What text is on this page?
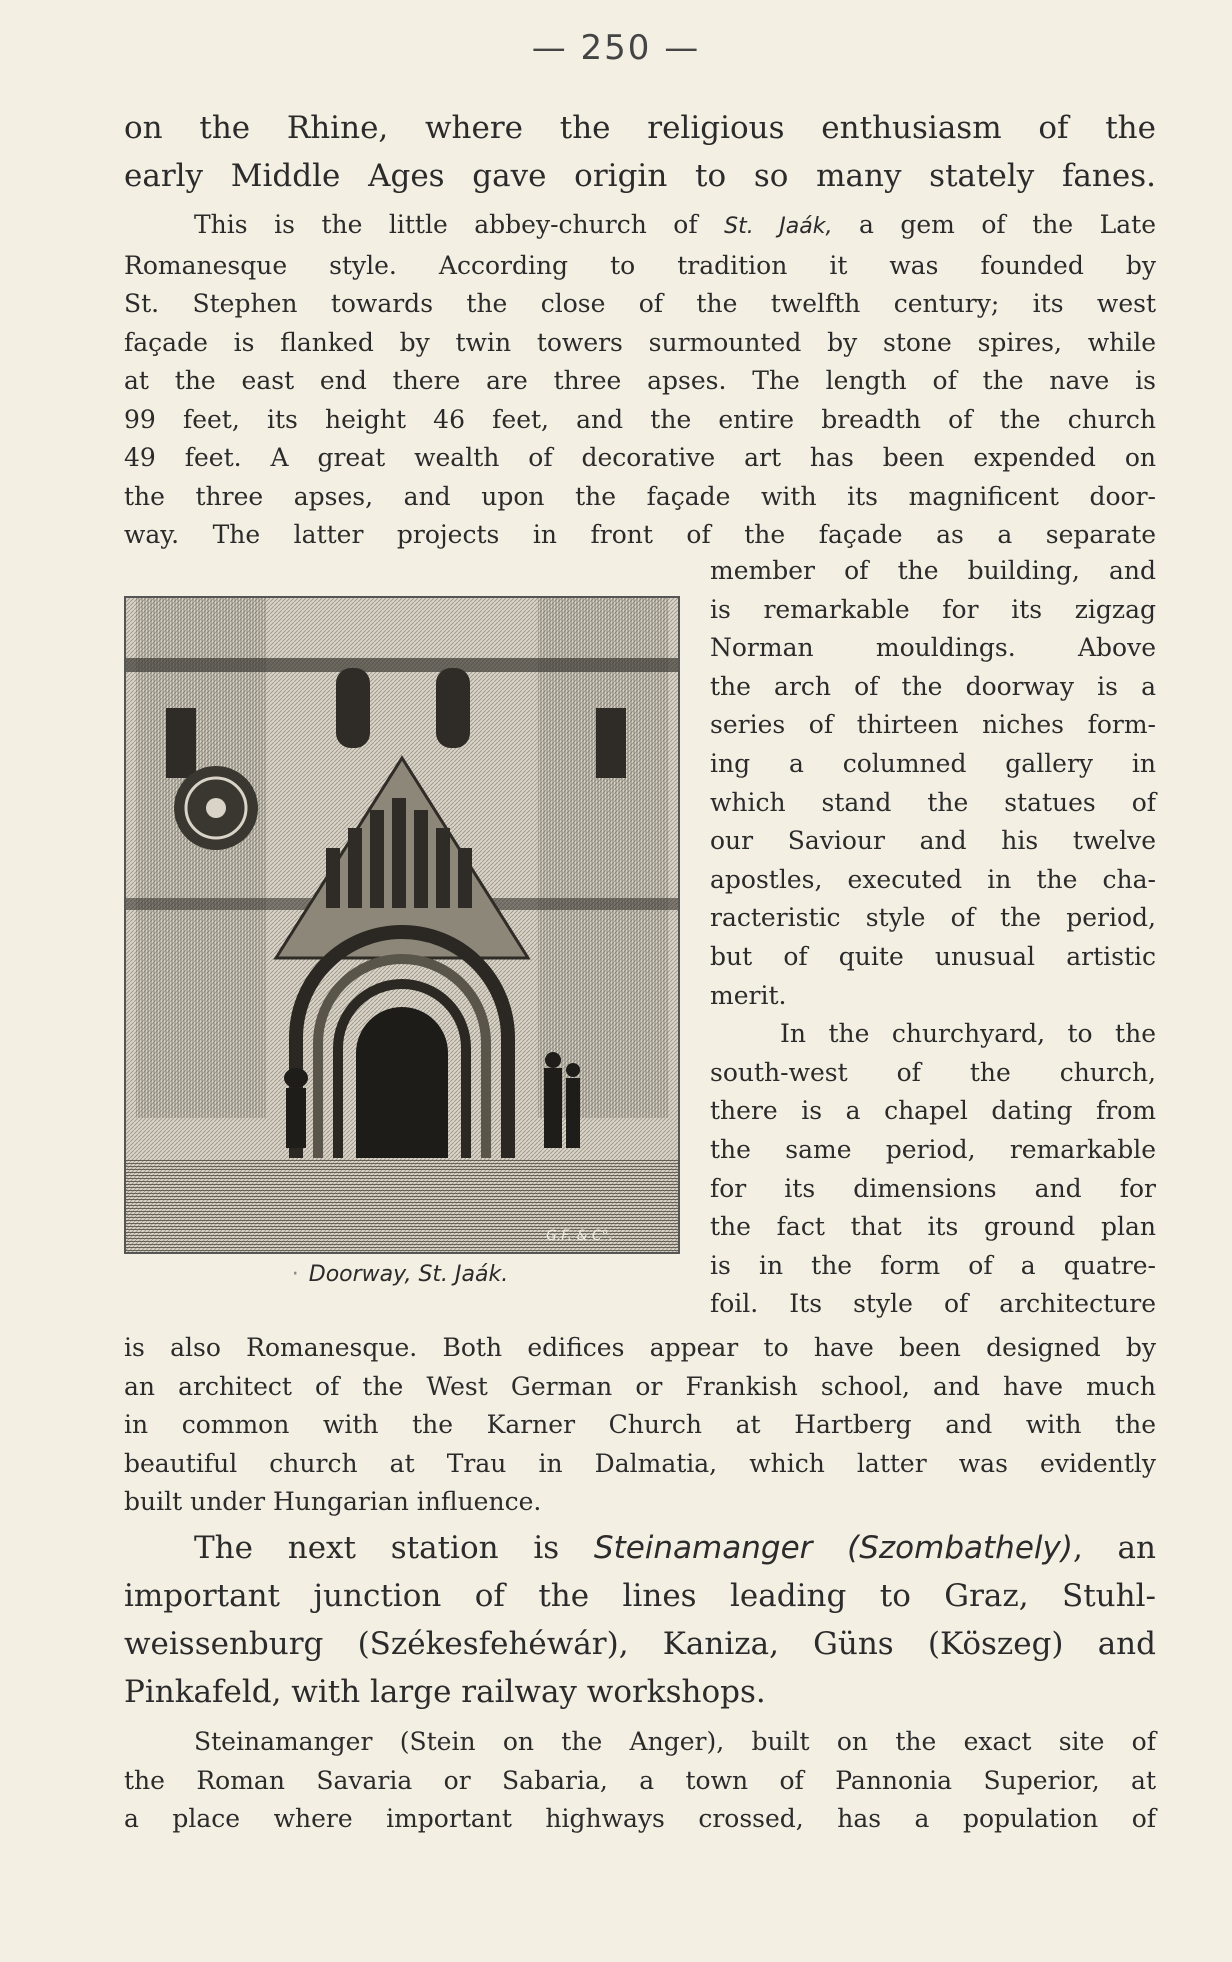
— 250 —
on the Rhine, where the religious enthusiasm of the
early Middle Ages gave origin to so many stately fanes.
This is the little abbey-church of St. Jaák, a gem of the Late
Romanesque style. According to tradition it was founded by
St. Stephen towards the close of the twelfth century; its west
façade is flanked by twin towers surmounted by stone spires, while
at the east end there are three apses. The length of the nave is
99 feet, its height 46 feet, and the entire breadth of the church
49 feet. A great wealth of decorative art has been expended on
the three apses, and upon the façade with its magnificent door-
way. The latter projects in front of the façade as a separate
G.F. & C°.
· Doorway, St. Jaák.
member of the building, and
is remarkable for its zigzag
Norman mouldings. Above
the arch of the doorway is a
series of thirteen niches form-
ing a columned gallery in
which stand the statues of
our Saviour and his twelve
apostles, executed in the cha-
racteristic style of the period,
but of quite unusual artistic
merit.
In the churchyard, to the
south-west of the church,
there is a chapel dating from
the same period, remarkable
for its dimensions and for
the fact that its ground plan
is in the form of a quatre-
foil. Its style of architecture
is also Romanesque. Both edifices appear to have been designed by
an architect of the West German or Frankish school, and have much
in common with the Karner Church at Hartberg and with the
beautiful church at Trau in Dalmatia, which latter was evidently
built under Hungarian influence.
The next station is Steinamanger (Szombathely), an
important junction of the lines leading to Graz, Stuhl-
weissenburg (Székesfehéwár), Kaniza, Güns (Köszeg) and
Pinkafeld, with large railway workshops.
Steinamanger (Stein on the Anger), built on the exact site of
the Roman Savaria or Sabaria, a town of Pannonia Superior, at
a place where important highways crossed, has a population of
